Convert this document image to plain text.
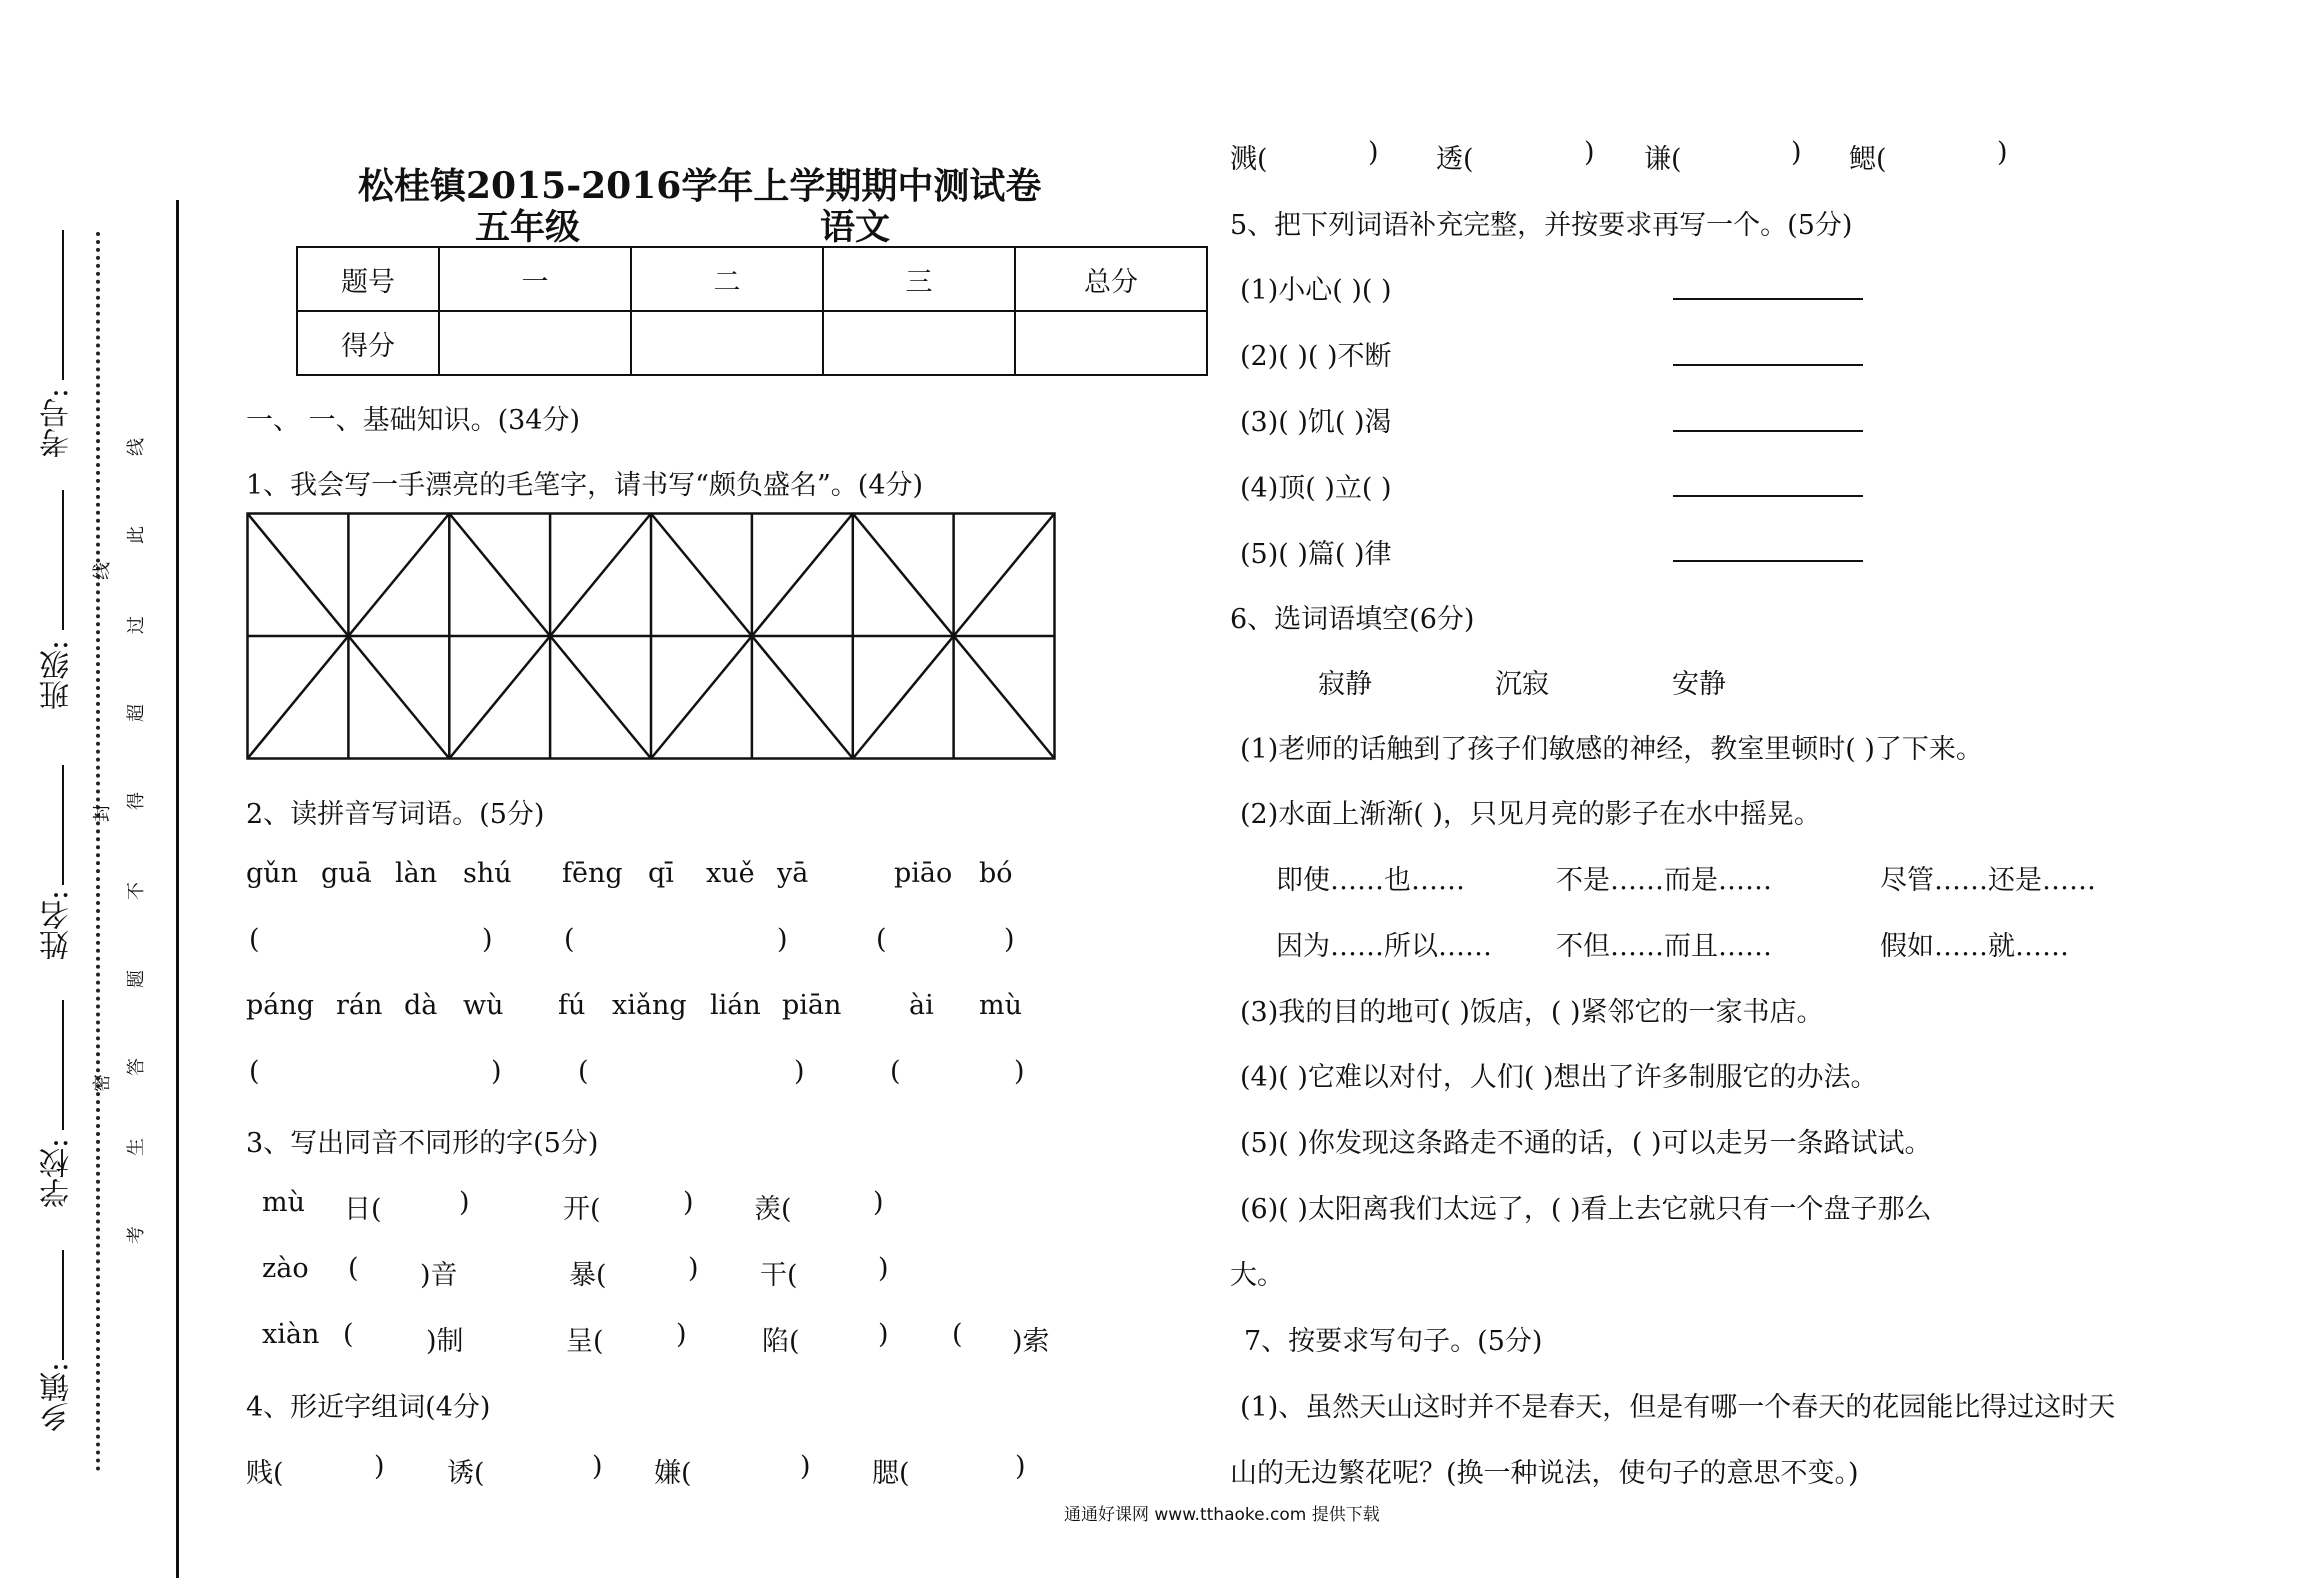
考号:
班级:
姓名:
学校:
乡镇:
线
此
线
过
超
得
封
不
题
答
密
生
考
松桂镇2015-2016学年上学期期中测试卷
五年级	语文
题号	一	二	三	总分
得分				
一、 一、基础知识。(34分)
1、我会写一手漂亮的毛笔字，请书写“颇负盛名”。(4分)
2、读拼音写词语。(5分)
gǔn guā làn shú fēng qī xuě yā	piāo bó
(	)	(	)	(	)
páng rán dà wù fú xiǎng lián piān	ài mù
(	)	(	)	(	)
3、写出同音不同形的字(5分)
mù 日(	)	开(	) 羡(	)
zào ( )音	暴(	) 干(	)
xiàn (	)制	呈(	)	陷(	) ( )索
4、形近字组词(4分)
贱(	) 诱(	) 嫌(	) 腮(	)
溅(	) 透(	) 谦(	) 鳃(	)
5、把下列词语补充完整，并按要求再写一个。(5分)
(1)小心( )( )
(2)( )( )不断
(3)( )饥( )渴
(4)顶( )立( )
(5)( )篇( )律
6、选词语填空(6分)
寂静	沉寂	安静
(1)老师的话触到了孩子们敏感的神经，教室里顿时( )了下来。
(2)水面上渐渐( )，只见月亮的影子在水中摇晃。
即使……也……	不是……而是……	尽管……还是……
因为……所以…… 不但……而且……	假如……就……
(3)我的目的地可( )饭店，( )紧邻它的一家书店。
(4)( )它难以对付，人们( )想出了许多制服它的办法。
(5)( )你发现这条路走不通的话，( )可以走另一条路试试。
(6)( )太阳离我们太远了，( )看上去它就只有一个盘子那么
大。
7、按要求写句子。(5分)
(1)、虽然天山这时并不是春天，但是有哪一个春天的花园能比得过这时天
山的无边繁花呢？(换一种说法，使句子的意思不变。)
通通好课网 www.tthaoke.com 提供下载
